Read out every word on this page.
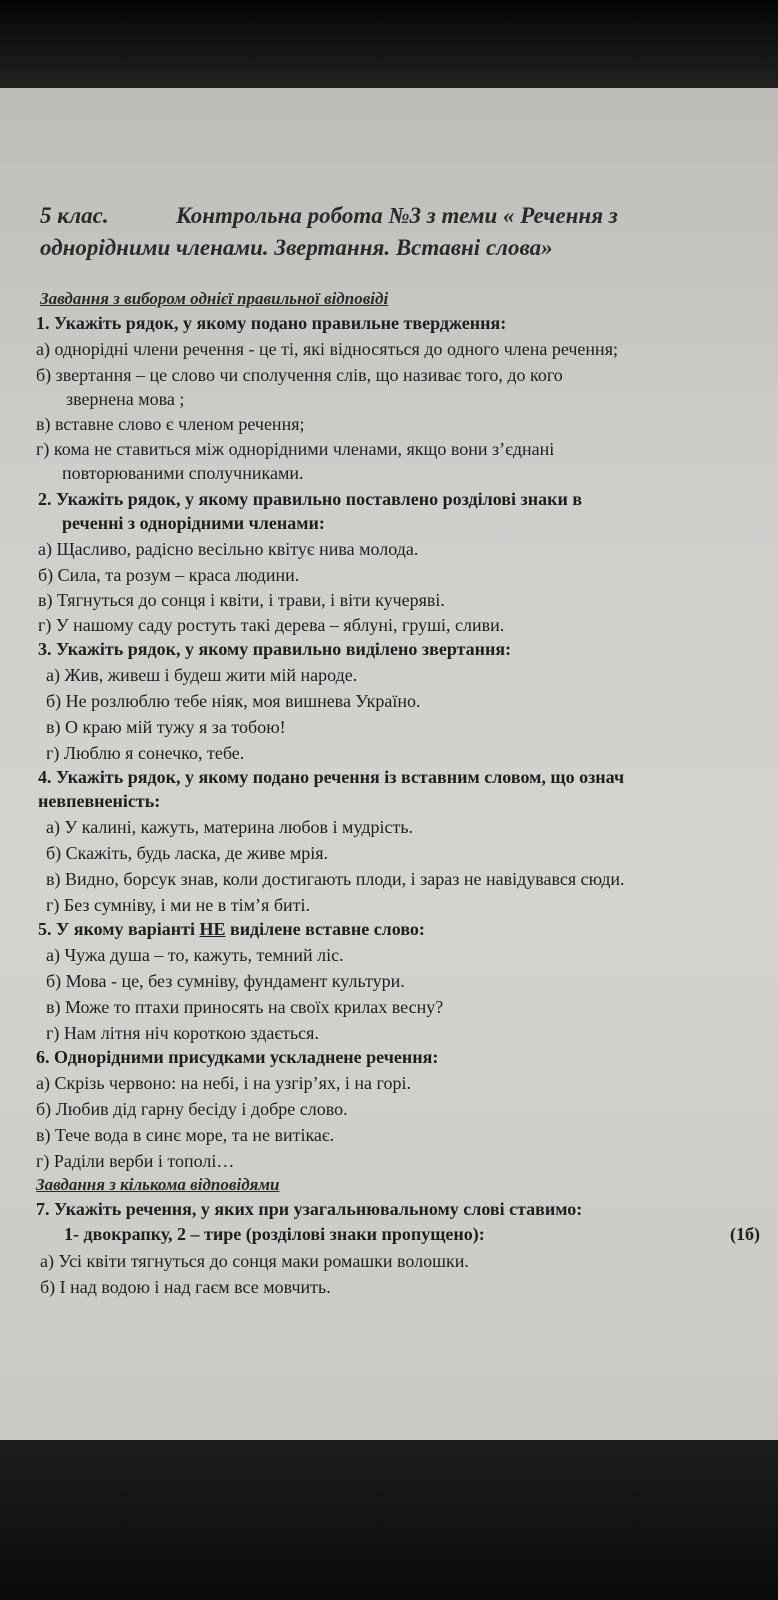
5 клас.	Контрольна робота №3 з теми « Речення з
однорідними членами. Звертання. Вставні слова»
Завдання з вибором однієї правильної відповіді
1. Укажіть рядок, у якому подано правильне твердження:
а) однорідні члени речення - це ті, які відносяться до одного члена речення;
б) звертання – це слово чи сполучення слів, що називає того, до кого
звернена мова ;
в) вставне слово є членом речення;
г) кома не ставиться між однорідними членами, якщо вони з’єднані
повторюваними сполучниками.
2. Укажіть рядок, у якому правильно поставлено розділові знаки в
реченні з однорідними членами:
а) Щасливо, радісно весільно квітує нива молода.
б) Сила, та розум – краса людини.
в) Тягнуться до сонця і квіти, і трави, і віти кучеряві.
г) У нашому саду ростуть такі дерева – яблуні, груші, сливи.
3. Укажіть рядок, у якому правильно виділено звертання:
а) Жив, живеш і будеш жити мій народе.
б) Не розлюблю тебе ніяк, моя вишнева Україно.
в) О краю мій тужу я за тобою!
г) Люблю я сонечко, тебе.
4. Укажіть рядок, у якому подано речення із вставним словом, що означ
невпевненість:
а) У калині, кажуть, материна любов і мудрість.
б) Скажіть, будь ласка, де живе мрія.
в) Видно, борсук знав, коли достигають плоди, і зараз не навідувався сюди.
г) Без сумніву, і ми не в тім’я биті.
5. У якому варіанті НЕ виділене вставне слово:
а) Чужа душа – то, кажуть, темний ліс.
б) Мова - це, без сумніву, фундамент культури.
в) Може то птахи приносять на своїх крилах весну?
г) Нам літня ніч короткою здається.
6. Однорідними присудками ускладнене речення:
а) Скрізь червоно: на небі, і на узгір’ях, і на горі.
б) Любив дід гарну бесіду і добре слово.
в) Тече вода в синє море, та не витікає.
г) Раділи верби і тополі…
Завдання з кількома відповідями
7. Укажіть речення, у яких при узагальнювальному слові ставимо:
1- двокрапку, 2 – тире (розділові знаки пропущено):	(1б)
а) Усі квіти тягнуться до сонця маки ромашки волошки.
б) І над водою і над гаєм все мовчить.
